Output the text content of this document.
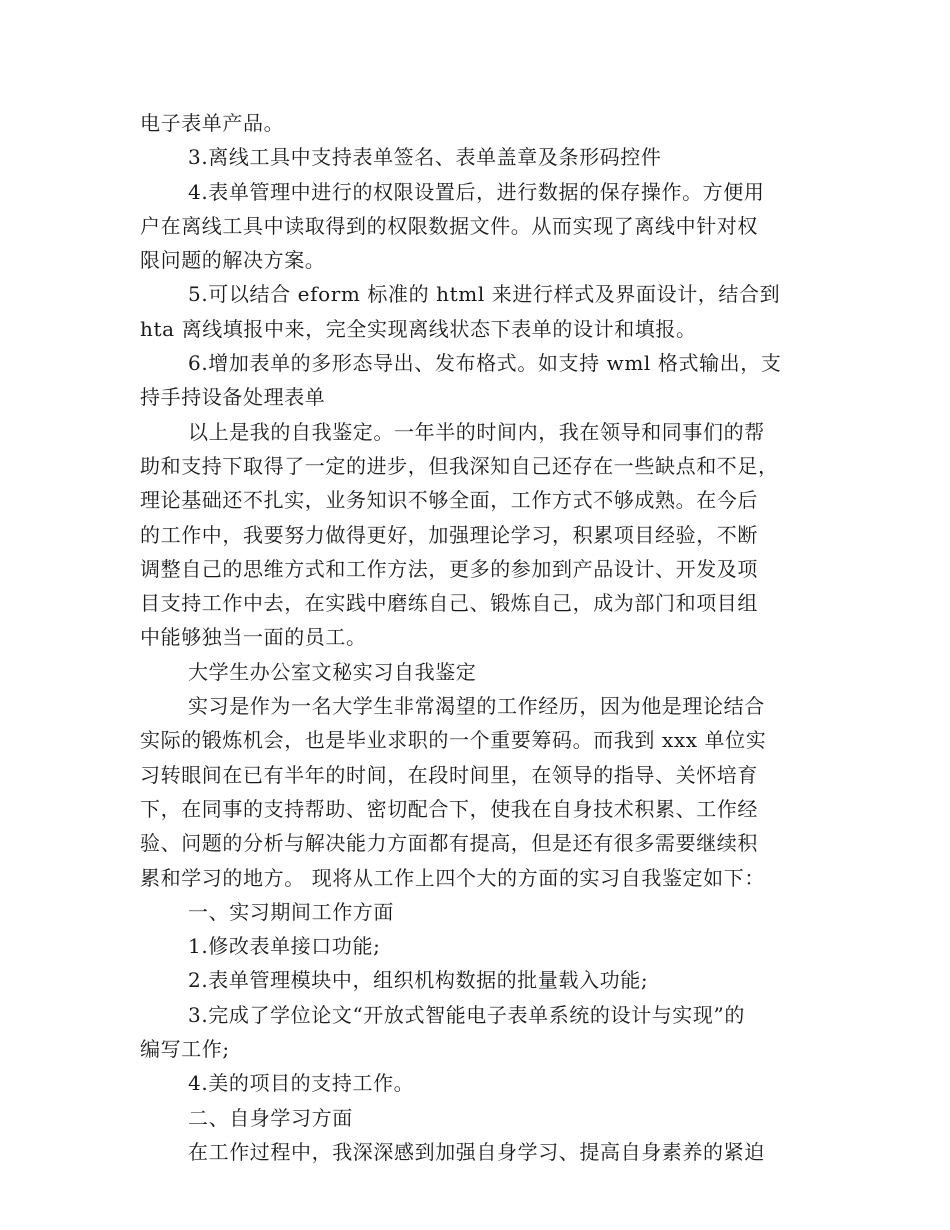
电子表单产品。
3.离线工具中支持表单签名、表单盖章及条形码控件
4.表单管理中进行的权限设置后，进行数据的保存操作。方便用
户在离线工具中读取得到的权限数据文件。从而实现了离线中针对权
限问题的解决方案。
5.可以结合 eform 标准的 html 来进行样式及界面设计，结合到
hta 离线填报中来，完全实现离线状态下表单的设计和填报。
6.增加表单的多形态导出、发布格式。如支持 wml 格式输出，支
持手持设备处理表单
以上是我的自我鉴定。一年半的时间内，我在领导和同事们的帮
助和支持下取得了一定的进步，但我深知自己还存在一些缺点和不足，
理论基础还不扎实，业务知识不够全面，工作方式不够成熟。在今后
的工作中，我要努力做得更好，加强理论学习，积累项目经验，不断
调整自己的思维方式和工作方法，更多的参加到产品设计、开发及项
目支持工作中去，在实践中磨练自己、锻炼自己，成为部门和项目组
中能够独当一面的员工。
大学生办公室文秘实习自我鉴定
实习是作为一名大学生非常渴望的工作经历，因为他是理论结合
实际的锻炼机会，也是毕业求职的一个重要筹码。而我到 xxx 单位实
习转眼间在已有半年的时间，在段时间里，在领导的指导、关怀培育
下，在同事的支持帮助、密切配合下，使我在自身技术积累、工作经
验、问题的分析与解决能力方面都有提高，但是还有很多需要继续积
累和学习的地方。 现将从工作上四个大的方面的实习自我鉴定如下：
一、实习期间工作方面
1.修改表单接口功能;
2.表单管理模块中，组织机构数据的批量载入功能;
3.完成了学位论文“开放式智能电子表单系统的设计与实现”的
编写工作;
4.美的项目的支持工作。
二、自身学习方面
在工作过程中，我深深感到加强自身学习、提高自身素养的紧迫
